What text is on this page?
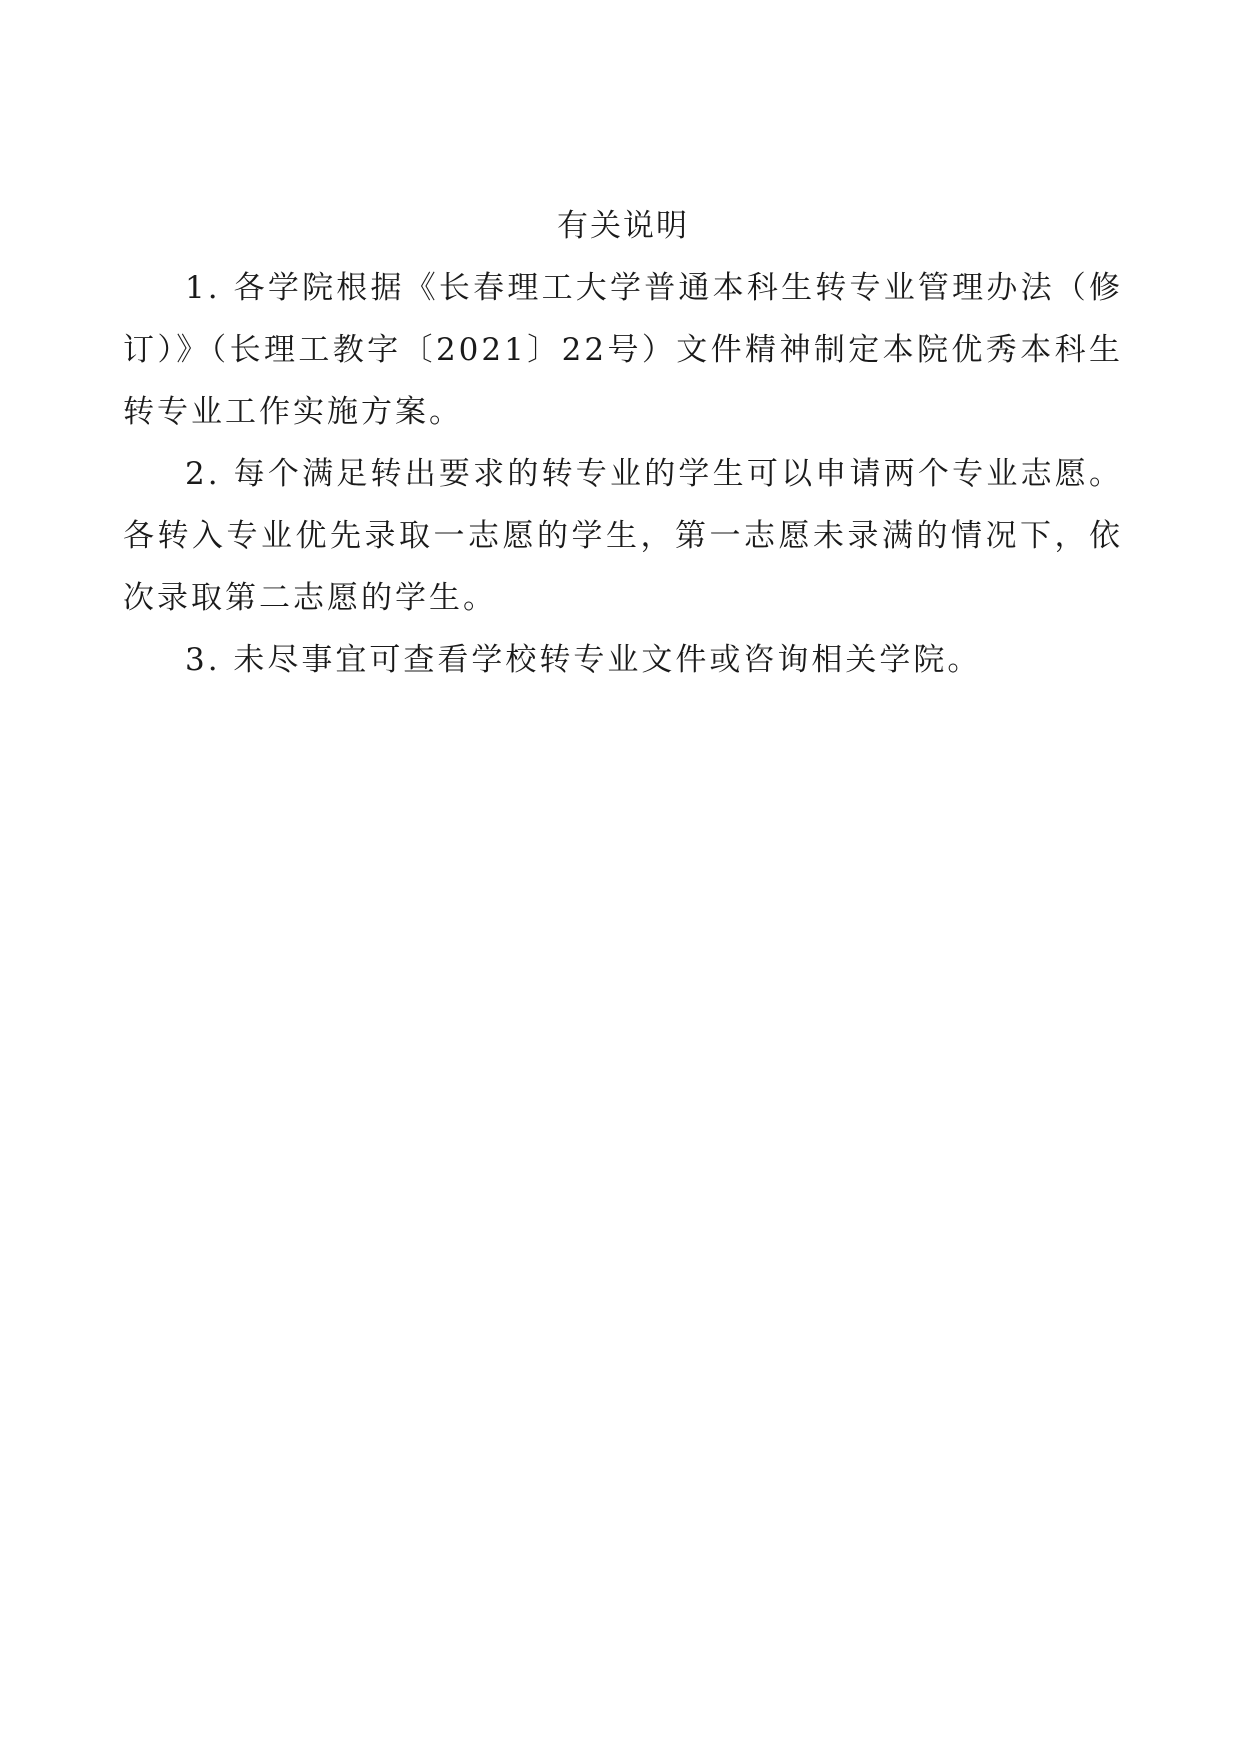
有关说明

1. 各学院根据《长春理工大学普通本科生转专业管理办法（修订）》（长理工教字〔2021〕22号）文件精神制定本院优秀本科生转专业工作实施方案。

2. 每个满足转出要求的转专业的学生可以申请两个专业志愿。各转入专业优先录取一志愿的学生，第一志愿未录满的情况下，依次录取第二志愿的学生。

3. 未尽事宜可查看学校转专业文件或咨询相关学院。
